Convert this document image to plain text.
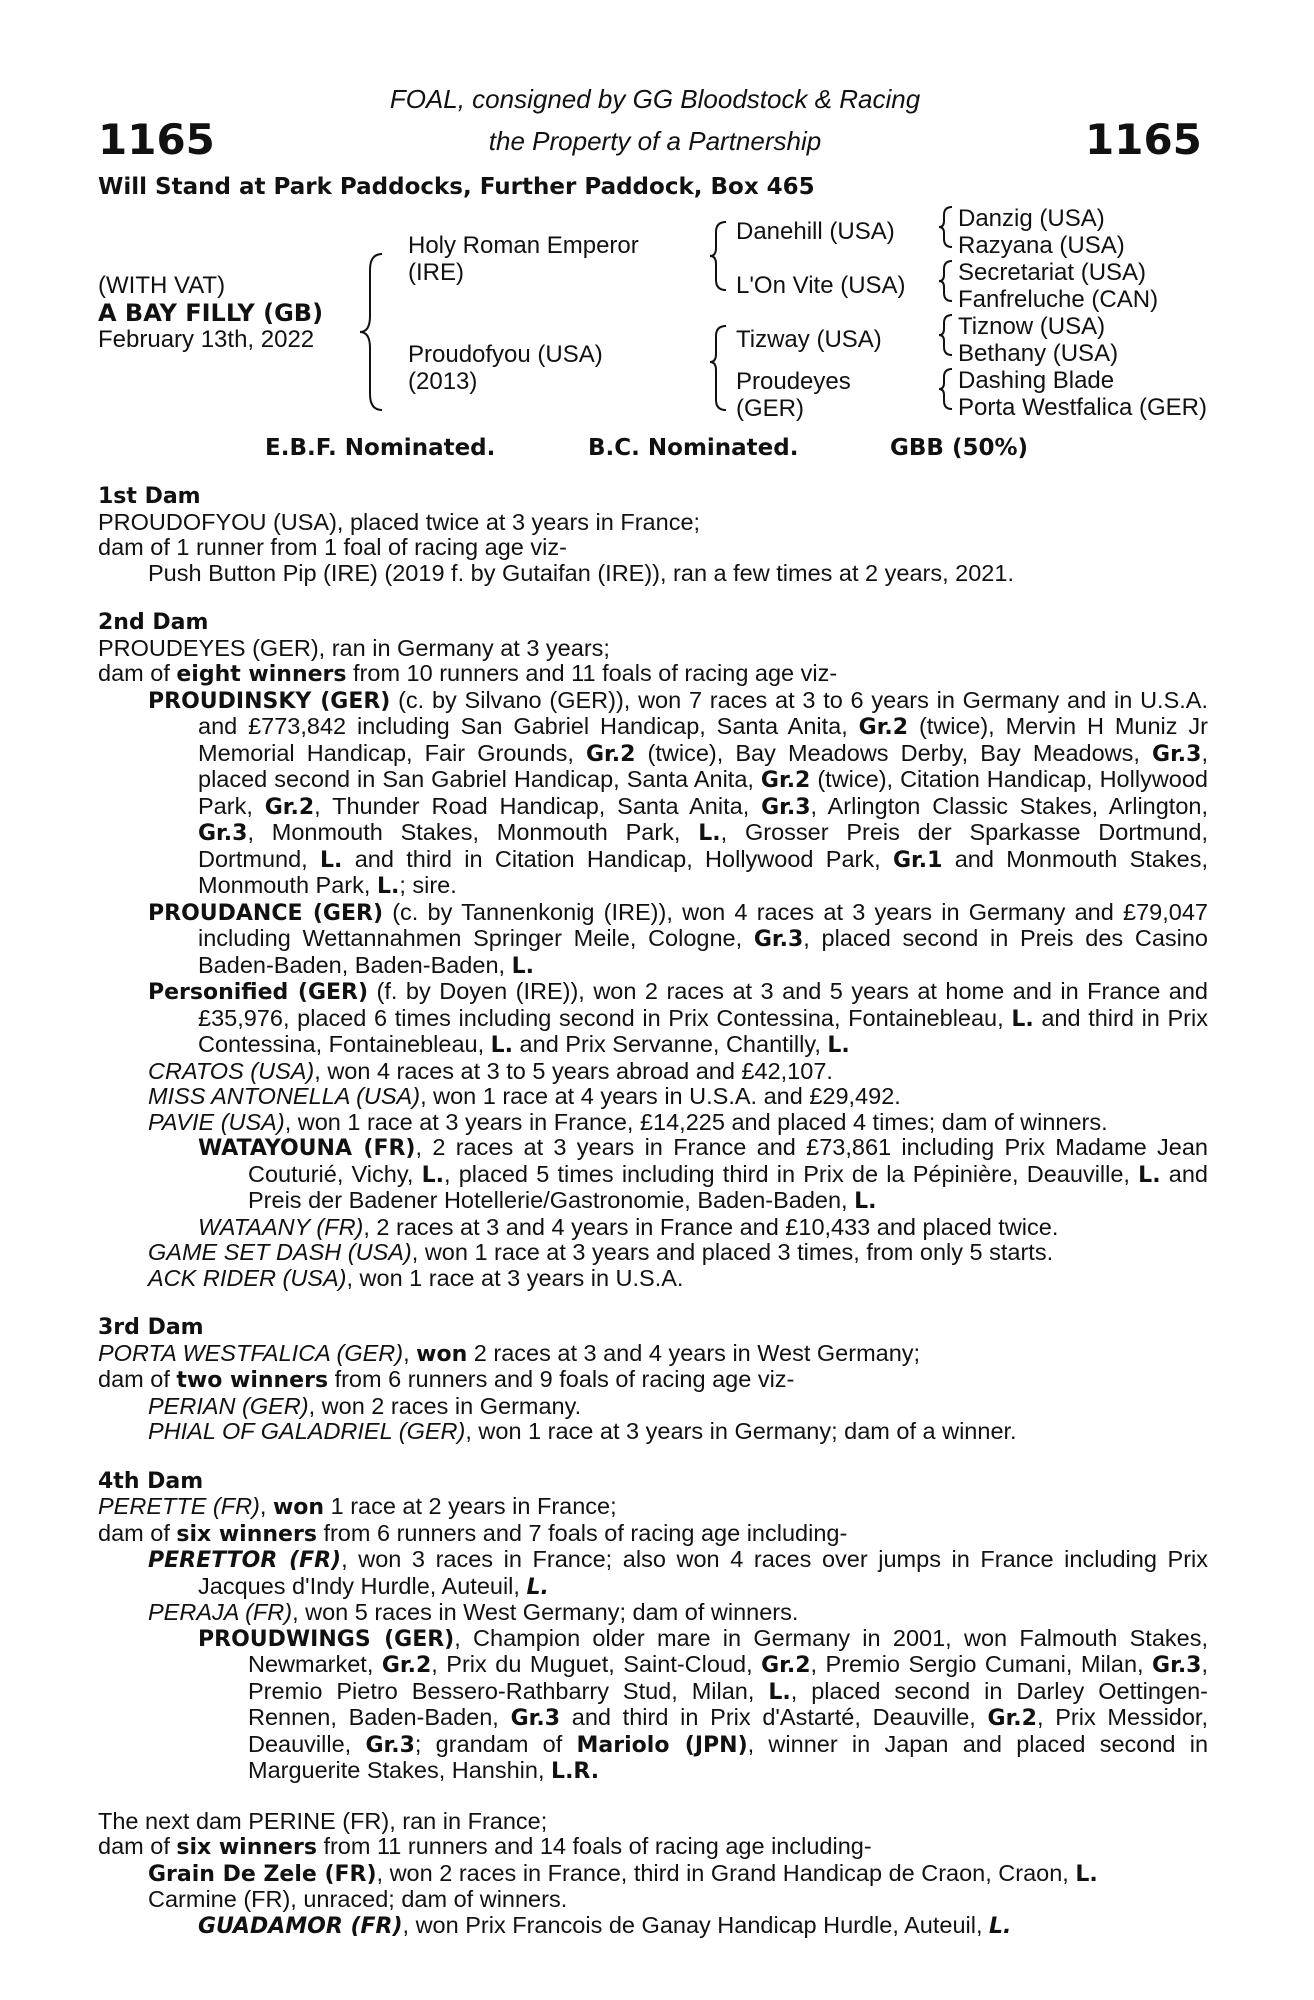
1165	1165
FOAL, consigned by GG Bloodstock & Racing
the Property of a Partnership
Will Stand at Park Paddocks, Further Paddock, Box 465
(WITH VAT)
A BAY FILLY (GB)
February 13th, 2022
Holy Roman Emperor
(IRE)
Proudofyou (USA)
(2013)
Danehill (USA)
L'On Vite (USA)
Tizway (USA)
Proudeyes
(GER)
Danzig (USA)
Razyana (USA)
Secretariat (USA)
Fanfreluche (CAN)
Tiznow (USA)
Bethany (USA)
Dashing Blade
Porta Westfalica (GER)
E.B.F. Nominated.	B.C. Nominated.	GBB (50%)

1st Dam

PROUDOFYOU (USA), placed twice at 3 years in France;

dam of 1 runner from 1 foal of racing age viz-

Push Button Pip (IRE) (2019 f. by Gutaifan (IRE)), ran a few times at 2 years, 2021.

2nd Dam

PROUDEYES (GER), ran in Germany at 3 years;

dam of eight winners from 10 runners and 11 foals of racing age viz-

PROUDINSKY (GER) (c. by Silvano (GER)), won 7 races at 3 to 6 years in Germany and in U.S.A. and £773,842 including San Gabriel Handicap, Santa Anita, Gr.2 (twice), Mervin H Muniz Jr Memorial Handicap, Fair Grounds, Gr.2 (twice), Bay Meadows Derby, Bay Meadows, Gr.3, placed second in San Gabriel Handicap, Santa Anita, Gr.2 (twice), Citation Handicap, Hollywood Park, Gr.2, Thunder Road Handicap, Santa Anita, Gr.3, Arlington Classic Stakes, Arlington, Gr.3, Monmouth Stakes, Monmouth Park, L., Grosser Preis der Sparkasse Dortmund, Dortmund, L. and third in Citation Handicap, Hollywood Park, Gr.1 and Monmouth Stakes, Monmouth Park, L.; sire.

PROUDANCE (GER) (c. by Tannenkonig (IRE)), won 4 races at 3 years in Germany and £79,047 including Wettannahmen Springer Meile, Cologne, Gr.3, placed second in Preis des Casino Baden-Baden, Baden-Baden, L.

Personified (GER) (f. by Doyen (IRE)), won 2 races at 3 and 5 years at home and in France and £35,976, placed 6 times including second in Prix Contessina, Fontainebleau, L. and third in Prix Contessina, Fontainebleau, L. and Prix Servanne, Chantilly, L.

CRATOS (USA), won 4 races at 3 to 5 years abroad and £42,107.

MISS ANTONELLA (USA), won 1 race at 4 years in U.S.A. and £29,492.

PAVIE (USA), won 1 race at 3 years in France, £14,225 and placed 4 times; dam of winners.

WATAYOUNA (FR), 2 races at 3 years in France and £73,861 including Prix Madame Jean Couturié, Vichy, L., placed 5 times including third in Prix de la Pépinière, Deauville, L. and Preis der Badener Hotellerie/Gastronomie, Baden-Baden, L.

WATAANY (FR), 2 races at 3 and 4 years in France and £10,433 and placed twice.

GAME SET DASH (USA), won 1 race at 3 years and placed 3 times, from only 5 starts.

ACK RIDER (USA), won 1 race at 3 years in U.S.A.

3rd Dam

PORTA WESTFALICA (GER), won 2 races at 3 and 4 years in West Germany;

dam of two winners from 6 runners and 9 foals of racing age viz-

PERIAN (GER), won 2 races in Germany.

PHIAL OF GALADRIEL (GER), won 1 race at 3 years in Germany; dam of a winner.

4th Dam

PERETTE (FR), won 1 race at 2 years in France;

dam of six winners from 6 runners and 7 foals of racing age including-

PERETTOR (FR), won 3 races in France; also won 4 races over jumps in France including Prix Jacques d'Indy Hurdle, Auteuil, L.

PERAJA (FR), won 5 races in West Germany; dam of winners.

PROUDWINGS (GER), Champion older mare in Germany in 2001, won Falmouth Stakes, Newmarket, Gr.2, Prix du Muguet, Saint-Cloud, Gr.2, Premio Sergio Cumani, Milan, Gr.3, Premio Pietro Bessero-Rathbarry Stud, Milan, L., placed second in Darley Oettingen-Rennen, Baden-Baden, Gr.3 and third in Prix d'Astarté, Deauville, Gr.2, Prix Messidor, Deauville, Gr.3; grandam of Mariolo (JPN), winner in Japan and placed second in Marguerite Stakes, Hanshin, L.R.

The next dam PERINE (FR), ran in France;

dam of six winners from 11 runners and 14 foals of racing age including-

Grain De Zele (FR), won 2 races in France, third in Grand Handicap de Craon, Craon, L.

Carmine (FR), unraced; dam of winners.

GUADAMOR (FR), won Prix Francois de Ganay Handicap Hurdle, Auteuil, L.
